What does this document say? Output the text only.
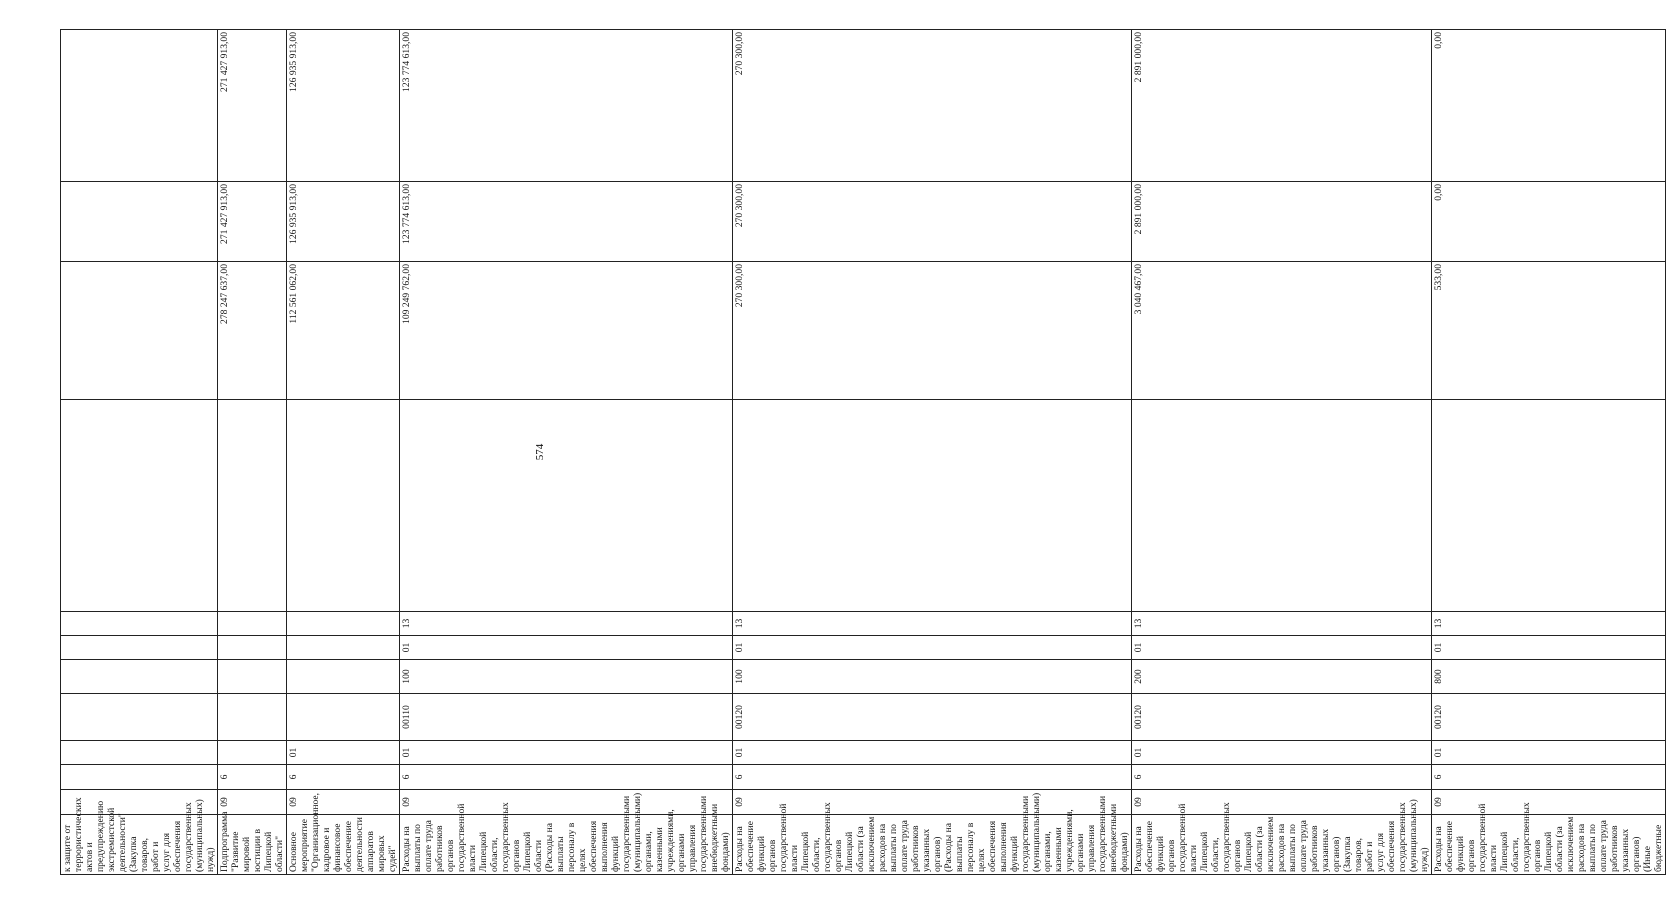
574
к защите от террористических актов и предупреждению экстремистской деятельности" (Закупка товаров, работ и услуг для обеспечения государственных (муниципальных) нужд)											
Подпрограмма "Развитие мировой юстиции в Липецкой области"	09	6							278 247 637,00	271 427 913,00	271 427 913,00
Основное мероприятие "Организационное, кадровое и финансовое обеспечение деятельности аппаратов мировых судей"	09	6	01						112 561 062,00	126 935 913,00	126 935 913,00
Расходы на выплаты по оплате труда работников органов государственной власти Липецкой области, государственных органов Липецкой области (Расходы на выплаты персоналу в целях обеспечения выполнения функций государственными (муниципальными) органами, казенными учреждениями, органами управления государственными внебюджетными фондами)	09	6	01	00110	100	01	13		109 249 762,00	123 774 613,00	123 774 613,00
Расходы на обеспечение функций органов государственной власти Липецкой области, государственных органов Липецкой области (за исключением расходов на выплаты по оплате труда работников указанных органов) (Расходы на выплаты персоналу в целях обеспечения выполнения функций государственными (муниципальными) органами, казенными учреждениями, органами управления государственными внебюджетными фондами)	09	6	01	00120	100	01	13		270 300,00	270 300,00	270 300,00
Расходы на обеспечение функций органов государственной власти Липецкой области, государственных органов Липецкой области (за исключением расходов на выплаты по оплате труда работников указанных органов) (Закупка товаров, работ и услуг для обеспечения государственных (муниципальных) нужд)	09	6	01	00120	200	01	13		3 040 467,00	2 891 000,00	2 891 000,00
Расходы на обеспечение функций органов государственной власти Липецкой области, государственных органов Липецкой области (за исключением расходов на выплаты по оплате труда работников указанных органов) (Иные бюджетные	09	6	01	00120	800	01	13		533,00	0,00	0,00
